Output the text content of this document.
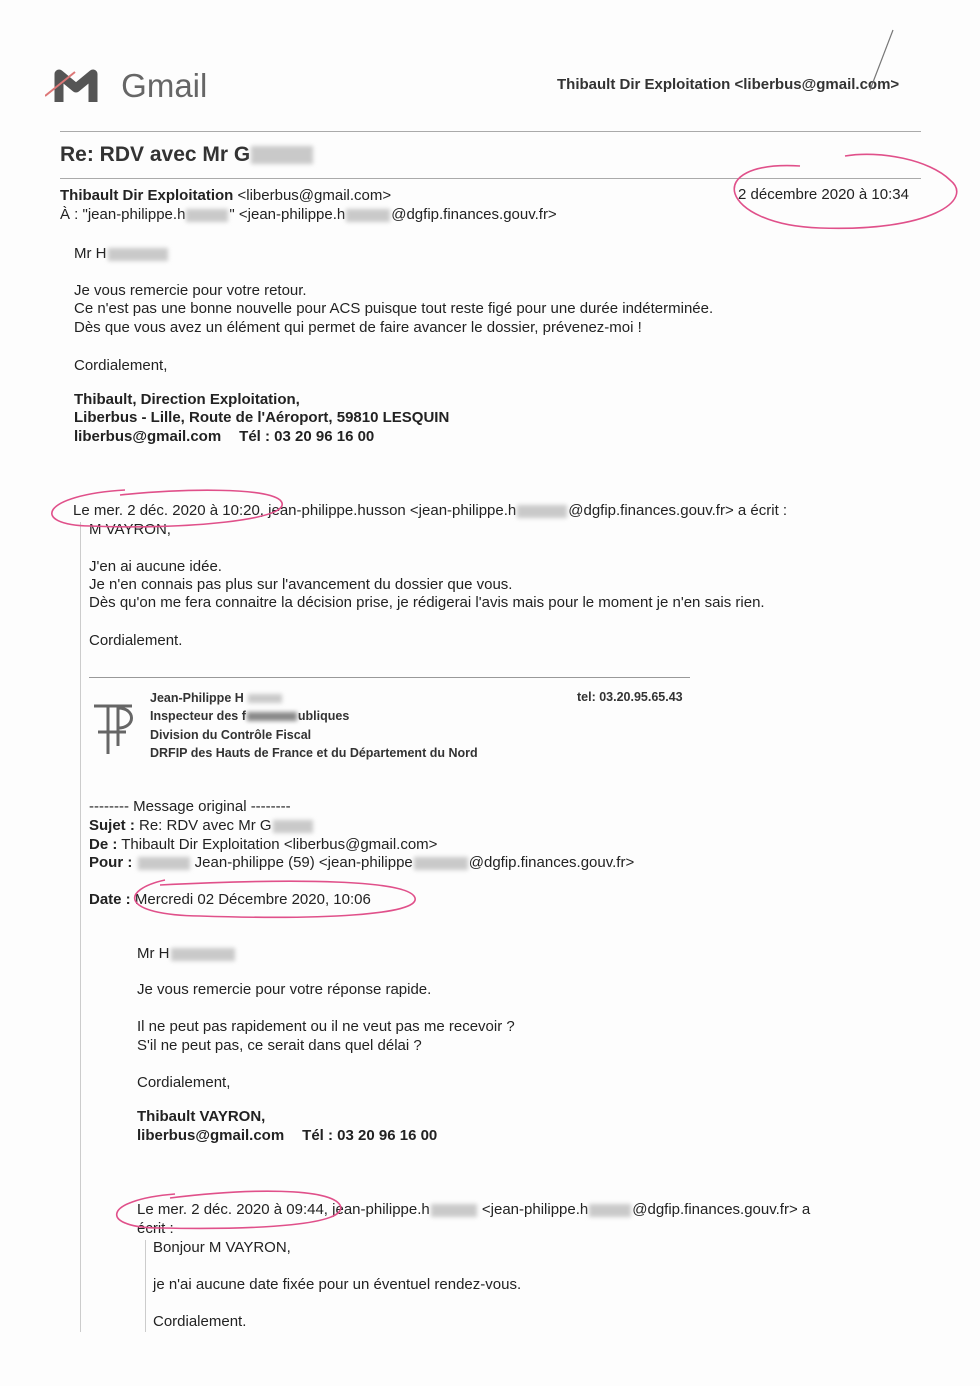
Gmail	Thibault Dir Exploitation <liberbus@gmail.com>
Re: RDV avec Mr G
Thibault Dir Exploitation <liberbus@gmail.com>
À : "jean-philippe.h	" <jean-philippe.h	@dgfip.finances.gouv.fr>
2 décembre 2020 à 10:34
Mr H
Je vous remercie pour votre retour.
Ce n'est pas une bonne nouvelle pour ACS puisque tout reste figé pour une durée indéterminée.
Dès que vous avez un élément qui permet de faire avancer le dossier, prévenez-moi !
Cordialement,
Thibault, Direction Exploitation,
Liberbus - Lille, Route de l'Aéroport, 59810 LESQUIN
liberbus@gmail.com Tél : 03 20 96 16 00
Le mer. 2 déc. 2020 à 10:20, jean-philippe.husson <jean-philippe.h	@dgfip.finances.gouv.fr> a écrit :
M VAYRON,
J'en ai aucune idée.
Je n'en connais pas plus sur l'avancement du dossier que vous.
Dès qu'on me fera connaitre la décision prise, je rédigerai l'avis mais pour le moment je n'en sais rien.
Cordialement.
Jean-Philippe H
Inspecteur des f	ubliques
Division du Contrôle Fiscal
DRFIP des Hauts de France et du Département du Nord
tel: 03.20.95.65.43
-------- Message original --------
Sujet : Re: RDV avec Mr G
De : Thibault Dir Exploitation <liberbus@gmail.com>
Pour :	Jean-philippe (59) <jean-philippe	@dgfip.finances.gouv.fr>
Date : Mercredi 02 Décembre 2020, 10:06
Mr H
Je vous remercie pour votre réponse rapide.
Il ne peut pas rapidement ou il ne veut pas me recevoir ?
S'il ne peut pas, ce serait dans quel délai ?
Cordialement,
Thibault VAYRON,
liberbus@gmail.com Tél : 03 20 96 16 00
Le mer. 2 déc. 2020 à 09:44, jean-philippe.h	<jean-philippe.h	@dgfip.finances.gouv.fr> a
écrit :
Bonjour M VAYRON,
je n'ai aucune date fixée pour un éventuel rendez-vous.
Cordialement.
